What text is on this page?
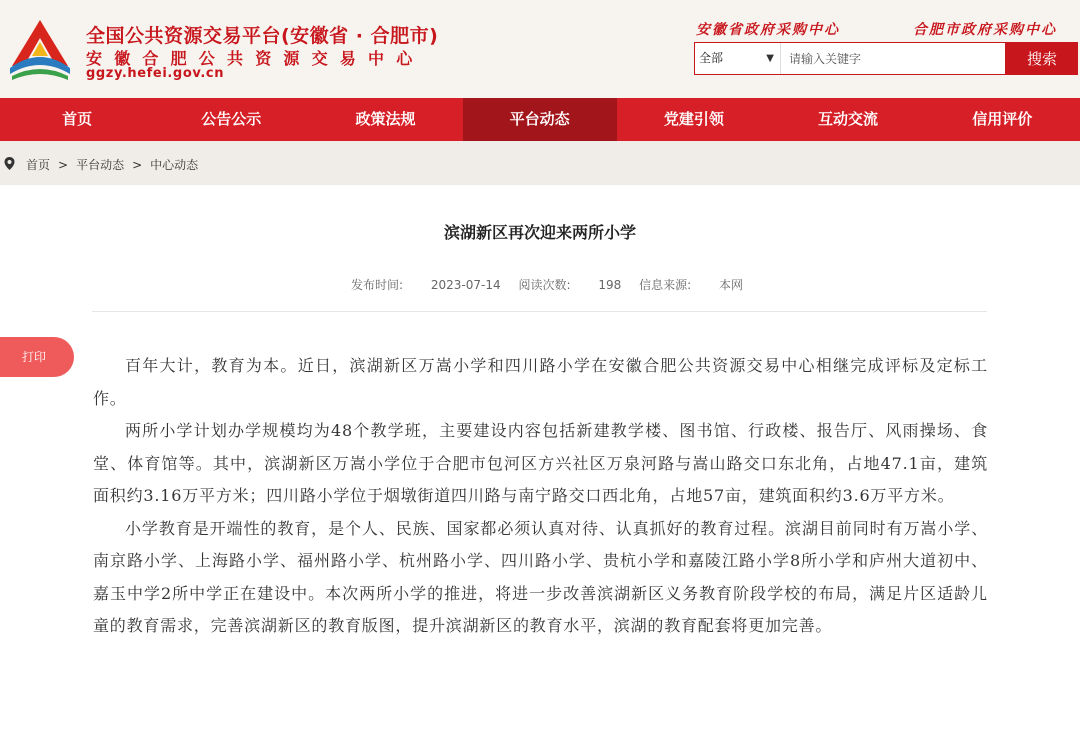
全国公共资源交易平台(安徽省 · 合肥市)
安徽合肥公共资源交易中心
ggzy.hefei.gov.cn
安徽省政府采购中心	合肥市政府采购中心
全部	▼
请输入关键字	搜索
首页	公告公示	政策法规	平台动态	党建引领	互动交流	信用评价
首页 > 平台动态 > 中心动态
滨湖新区再次迎来两所小学
发布时间: 2023-07-14 阅读次数: 198 信息来源: 本网
打印	百年大计，教育为本。近日，滨湖新区万嵩小学和四川路小学在安徽合肥公共资源交易中心相继完成评标及定标工作。

两所小学计划办学规模均为48个教学班，主要建设内容包括新建教学楼、图书馆、行政楼、报告厅、风雨操场、食堂、体育馆等。其中，滨湖新区万嵩小学位于合肥市包河区方兴社区万泉河路与嵩山路交口东北角，占地47.1亩，建筑面积约3.16万平方米；四川路小学位于烟墩街道四川路与南宁路交口西北角，占地57亩，建筑面积约3.6万平方米。

小学教育是开端性的教育，是个人、民族、国家都必须认真对待、认真抓好的教育过程。滨湖目前同时有万嵩小学、南京路小学、上海路小学、福州路小学、杭州路小学、四川路小学、贵杭小学和嘉陵江路小学8所小学和庐州大道初中、嘉玉中学2所中学正在建设中。本次两所小学的推进，将进一步改善滨湖新区义务教育阶段学校的布局，满足片区适龄儿童的教育需求，完善滨湖新区的教育版图，提升滨湖新区的教育水平，滨湖的教育配套将更加完善。
